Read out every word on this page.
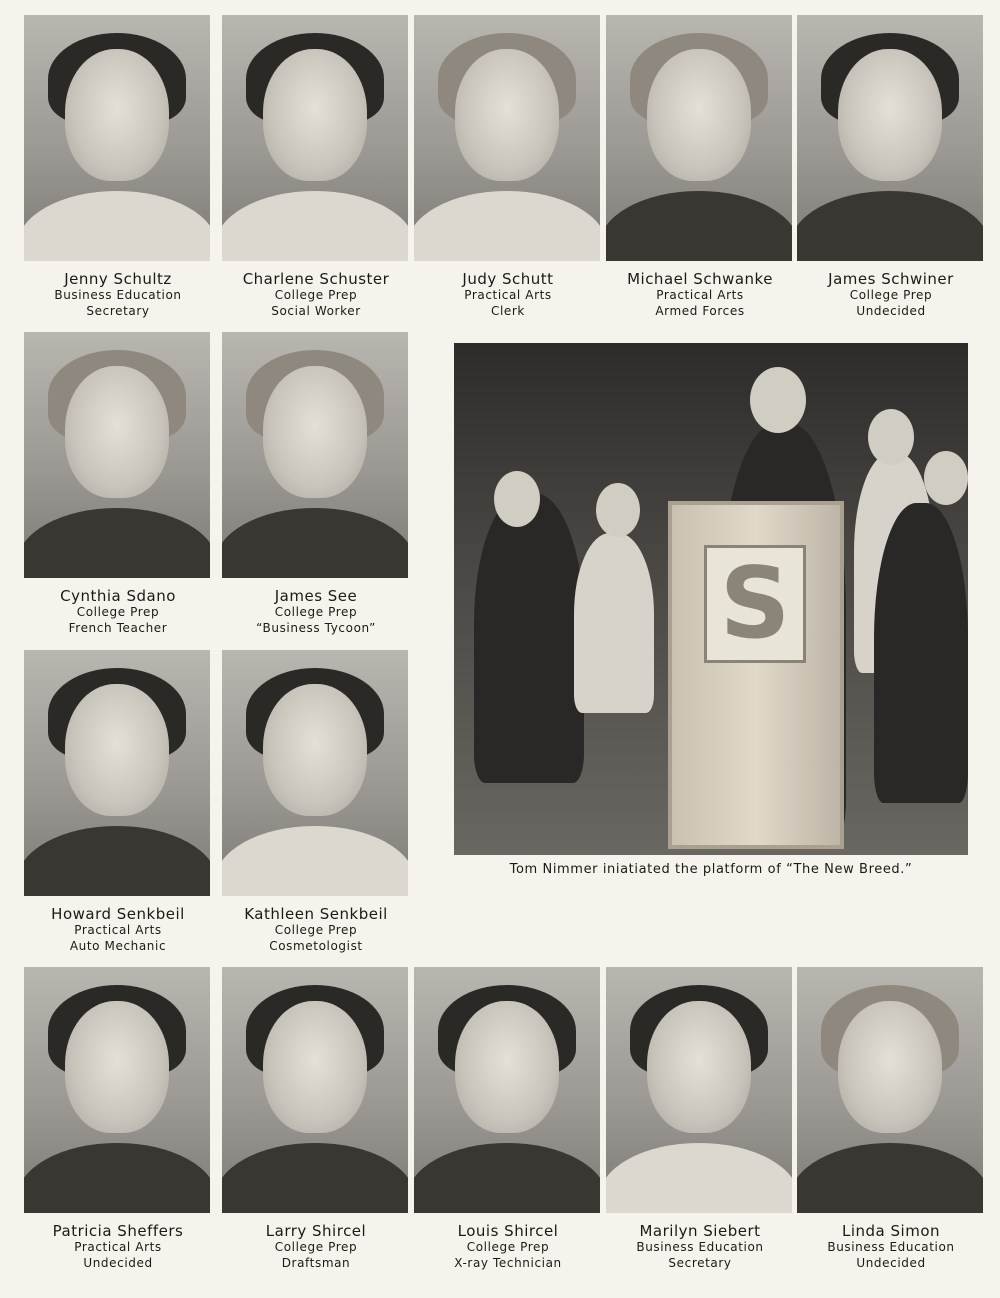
Jenny Schultz
Business Education
Secretary
Charlene Schuster
College Prep
Social Worker
Judy Schutt
Practical Arts
Clerk
Michael Schwanke
Practical Arts
Armed Forces
James Schwiner
College Prep
Undecided
Cynthia Sdano
College Prep
French Teacher
James See
College Prep
“Business Tycoon”
Howard Senkbeil
Practical Arts
Auto Mechanic
Kathleen Senkbeil
College Prep
Cosmetologist
S
Tom Nimmer iniatiated the platform of “The New Breed.”
Patricia Sheffers
Practical Arts
Undecided
Larry Shircel
College Prep
Draftsman
Louis Shircel
College Prep
X-ray Technician
Marilyn Siebert
Business Education
Secretary
Linda Simon
Business Education
Undecided
